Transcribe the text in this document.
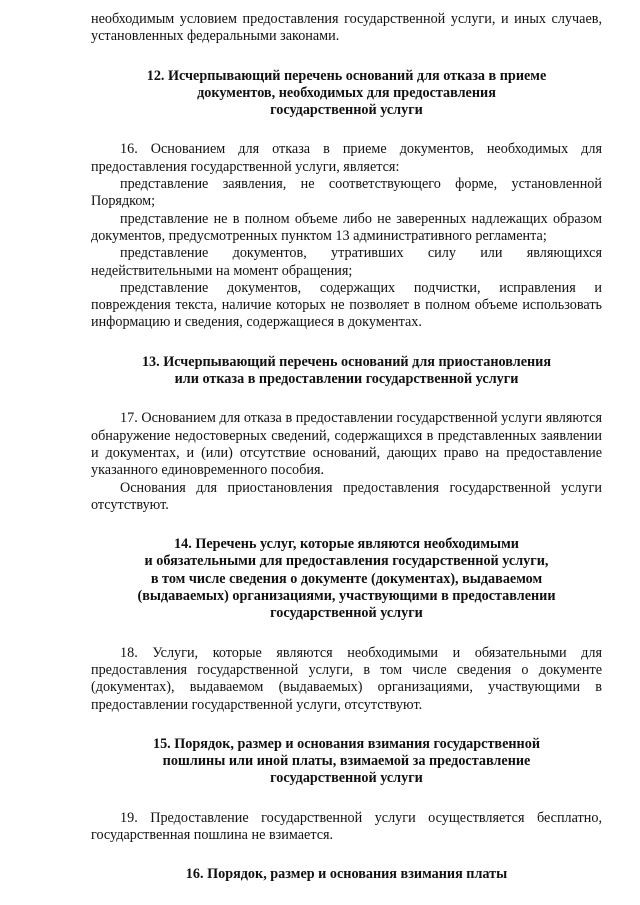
необходимым условием предоставления государственной услуги, и иных случаев, установленных федеральными законами.

12. Исчерпывающий перечень оснований для отказа в приеме
документов, необходимых для предоставления
государственной услуги

16. Основанием для отказа в приеме документов, необходимых для предоставления государственной услуги, является:

представление заявления, не соответствующего форме, установленной Порядком;

представление не в полном объеме либо не заверенных надлежащих образом документов, предусмотренных пунктом 13 административного регламента;

представление документов, утративших силу или являющихся недействительными на момент обращения;

представление документов, содержащих подчистки, исправления и повреждения текста, наличие которых не позволяет в полном объеме использовать информацию и сведения, содержащиеся в документах.

13. Исчерпывающий перечень оснований для приостановления
или отказа в предоставлении государственной услуги

17. Основанием для отказа в предоставлении государственной услуги являются обнаружение недостоверных сведений, содержащихся в представленных заявлении и документах, и (или) отсутствие оснований, дающих право на предоставление указанного единовременного пособия.

Основания для приостановления предоставления государственной услуги отсутствуют.

14. Перечень услуг, которые являются необходимыми
и обязательными для предоставления государственной услуги,
в том числе сведения о документе (документах), выдаваемом
(выдаваемых) организациями, участвующими в предоставлении
государственной услуги

18. Услуги, которые являются необходимыми и обязательными для предоставления государственной услуги, в том числе сведения о документе (документах), выдаваемом (выдаваемых) организациями, участвующими в предоставлении государственной услуги, отсутствуют.

15. Порядок, размер и основания взимания государственной
пошлины или иной платы, взимаемой за предоставление
государственной услуги

19. Предоставление государственной услуги осуществляется бесплатно, государственная пошлина не взимается.

16. Порядок, размер и основания взимания платы
